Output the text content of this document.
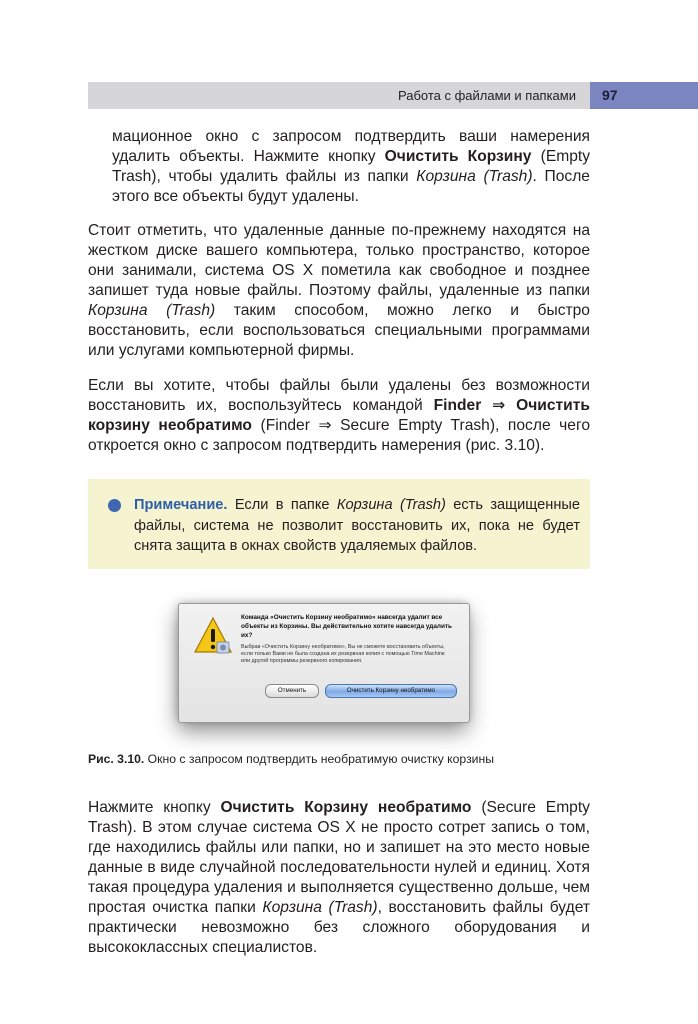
Работа с файлами и папками 97

мационное окно с запросом подтвердить ваши намерения удалить объекты. Нажмите кнопку Очистить Корзину (Empty Trash), чтобы удалить файлы из папки Корзина (Trash). После этого все объекты будут удалены.

Стоит отметить, что удаленные данные по-прежнему находятся на жестком диске вашего компьютера, только пространство, которое они занимали, система OS X пометила как свободное и позднее запишет туда новые файлы. Поэтому файлы, удаленные из папки Корзина (Trash) таким способом, можно легко и быстро восстановить, если воспользоваться специальными программами или услугами компьютерной фирмы.

Если вы хотите, чтобы файлы были удалены без возможности восстановить их, воспользуйтесь командой Finder ⇒ Очистить корзину необратимо (Finder ⇒ Secure Empty Trash), после чего откроется окно с запросом подтвердить намерения (рис. 3.10).

Примечание. Если в папке Корзина (Trash) есть защищенные файлы, система не позволит восстановить их, пока не будет снята защита в окнах свойств удаляемых файлов.

Команда «Очистить Корзину необратимо» навсегда удалит все объекты из Корзины. Вы действительно хотите навсегда удалить их?

Выбрав «Очистить Корзину необратимо», Вы не сможете восстановить объекты, если только Вами не была создана их резервная копия с помощью Time Machine или другой программы резервного копирования.

Отменить	Очистить Корзину необратимо

Рис. 3.10. Окно с запросом подтвердить необратимую очистку корзины

Нажмите кнопку Очистить Корзину необратимо (Secure Empty Trash). В этом случае система OS X не просто сотрет запись о том, где находились файлы или папки, но и запишет на это место новые данные в виде случайной последовательности нулей и единиц. Хотя такая процедура удаления и выполняется существенно дольше, чем простая очистка папки Корзина (Trash), восстановить файлы будет практически невозможно без сложного оборудования и высококлассных специалистов.
